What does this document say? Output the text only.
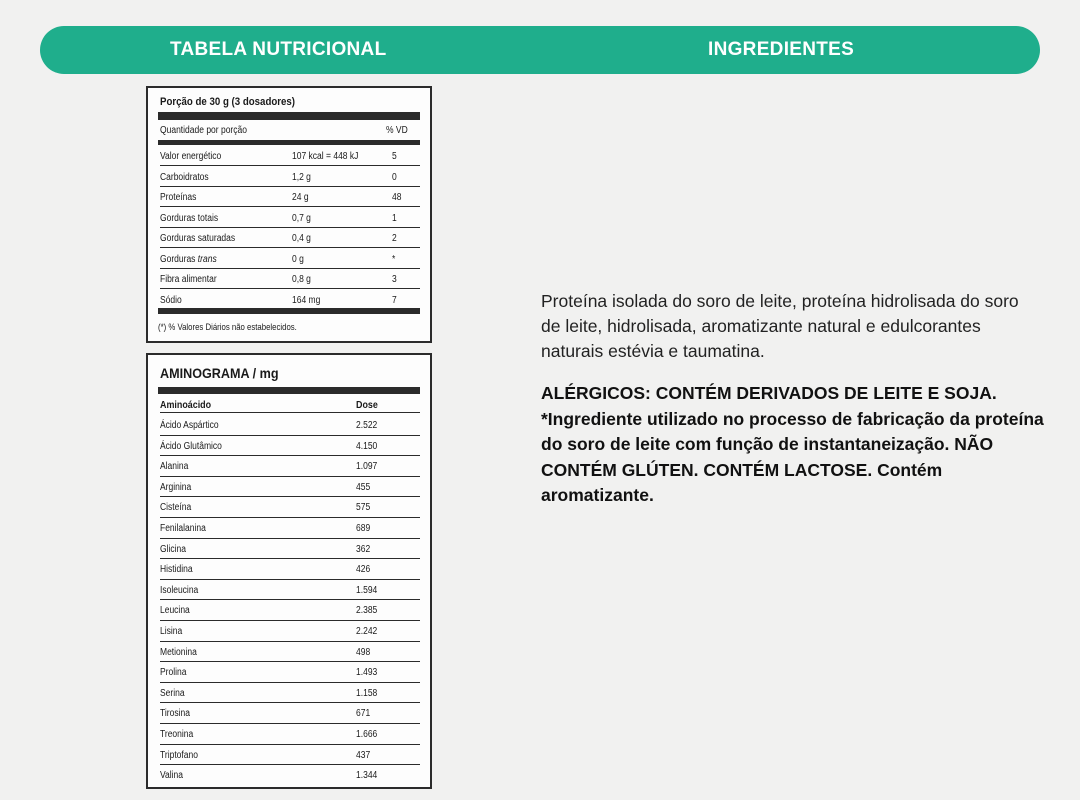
TABELA NUTRICIONAL	INGREDIENTES
Porção de 30 g (3 dosadores)
Quantidade por porção	% VD
Valor energético	107 kcal = 448 kJ	5
Carboidratos	1,2 g	0
Proteínas	24 g	48
Gorduras totais	0,7 g	1
Gorduras saturadas	0,4 g	2
Gorduras trans	0 g	*
Fibra alimentar	0,8 g	3
Sódio	164 mg	7
(*) % Valores Diários não estabelecidos.
AMINOGRAMA / mg
Aminoácido	Dose
Ácido Aspártico	2.522
Ácido Glutâmico	4.150
Alanina	1.097
Arginina	455
Cisteína	575
Fenilalanina	689
Glicina	362
Histidina	426
Isoleucina	1.594
Leucina	2.385
Lisina	2.242
Metionina	498
Prolina	1.493
Serina	1.158
Tirosina	671
Treonina	1.666
Triptofano	437
Valina	1.344
Proteína isolada do soro de leite, proteína hidrolisada do soro de leite, hidrolisada, aromatizante natural e edulcorantes naturais estévia e taumatina.
ALÉRGICOS: CONTÉM DERIVADOS DE LEITE E SOJA. *Ingrediente utilizado no processo de fabricação da proteína do soro de leite com função de instantaneização. NÃO CONTÉM GLÚTEN. CONTÉM LACTOSE. Contém aromatizante.
